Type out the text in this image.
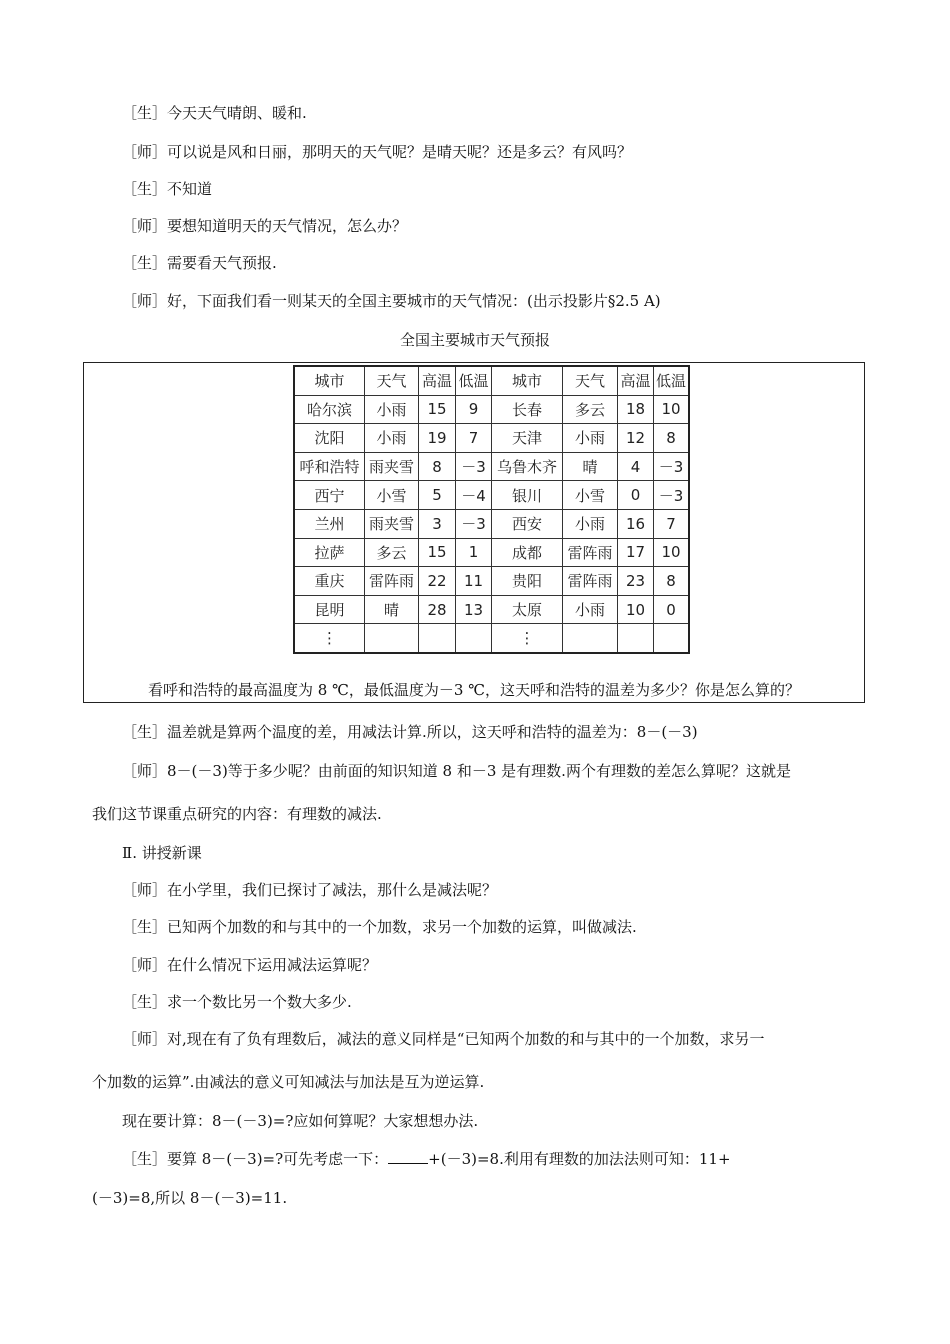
［生］今天天气晴朗、暖和.
［师］可以说是风和日丽，那明天的天气呢？是晴天呢？还是多云？有风吗？
［生］不知道
［师］要想知道明天的天气情况，怎么办？
［生］需要看天气预报.
［师］好，下面我们看一则某天的全国主要城市的天气情况：(出示投影片§2.5 A)
全国主要城市天气预报
城市	天气	高温	低温	城市	天气	高温	低温
哈尔滨	小雨	15	9	长春	多云	18	10
沈阳	小雨	19	7	天津	小雨	12	8
呼和浩特	雨夹雪	8	－3	乌鲁木齐	晴	4	－3
西宁	小雪	5	－4	银川	小雪	0	－3
兰州	雨夹雪	3	－3	西安	小雨	16	7
拉萨	多云	15	1	成都	雷阵雨	17	10
重庆	雷阵雨	22	11	贵阳	雷阵雨	23	8
昆明	晴	28	13	太原	小雨	10	0
⋮				⋮			
看呼和浩特的最高温度为 8 ℃，最低温度为－3 ℃，这天呼和浩特的温差为多少？你是怎么算的？
［生］温差就是算两个温度的差，用减法计算.所以，这天呼和浩特的温差为：8－(－3)
［师］8－(－3)等于多少呢？由前面的知识知道 8 和－3 是有理数.两个有理数的差怎么算呢？这就是
我们这节课重点研究的内容：有理数的减法.
Ⅱ. 讲授新课
［师］在小学里，我们已探讨了减法，那什么是减法呢？
［生］已知两个加数的和与其中的一个加数，求另一个加数的运算，叫做减法.
［师］在什么情况下运用减法运算呢？
［生］求一个数比另一个数大多少.
［师］对,现在有了负有理数后，减法的意义同样是“已知两个加数的和与其中的一个加数，求另一
个加数的运算”.由减法的意义可知减法与加法是互为逆运算.
现在要计算：8－(－3)=?应如何算呢？大家想想办法.
［生］要算 8－(－3)=?可先考虑一下：	+(－3)=8.利用有理数的加法法则可知：11+
(－3)=8,所以 8－(－3)=11.
